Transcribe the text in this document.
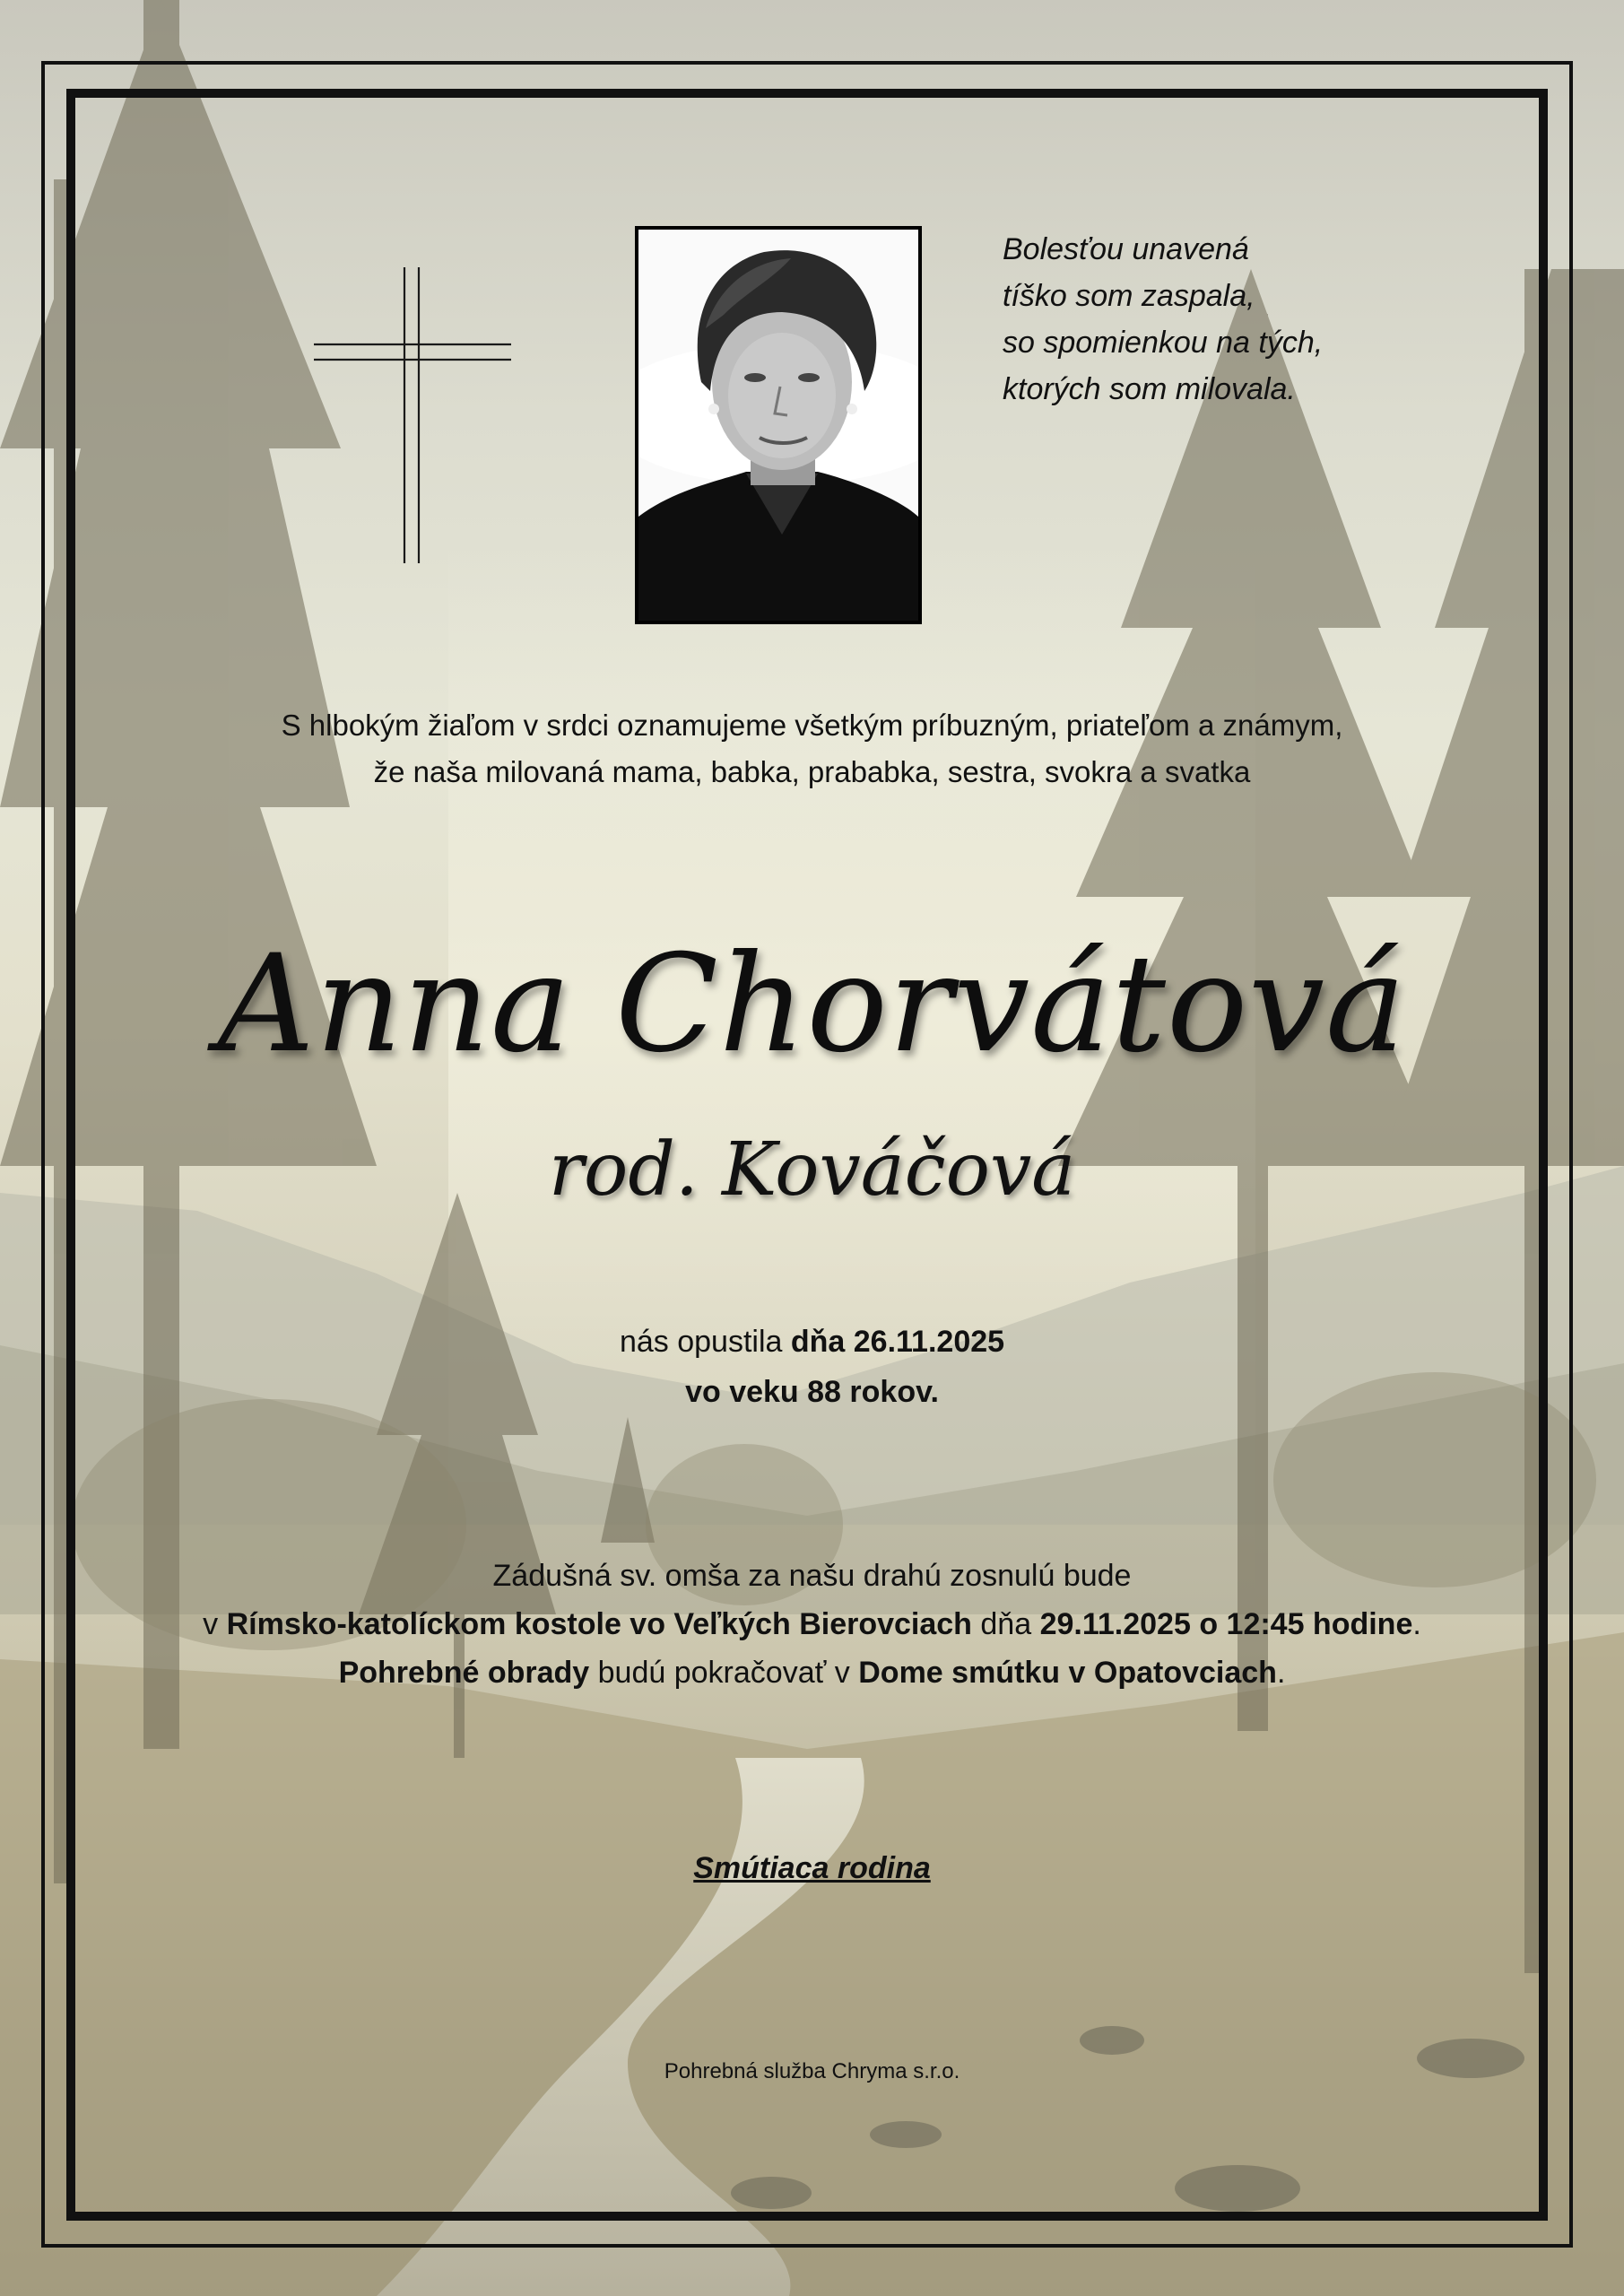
Bolesťou unavená
tíško som zaspala,
so spomienkou na tých,
ktorých som milovala.
S hlbokým žiaľom v srdci oznamujeme všetkým príbuzným, priateľom a známym,
že naša milovaná mama, babka, prababka, sestra, svokra a svatka
Anna Chorvátová
rod. Kováčová
nás opustila dňa 26.11.2025
vo veku 88 rokov.
Zádušná sv. omša za našu drahú zosnulú bude
v Rímsko-katolíckom kostole vo Veľkých Bierovciach dňa 29.11.2025 o 12:45 hodine.
Pohrebné obrady budú pokračovať v Dome smútku v Opatovciach.
Smútiaca rodina
Pohrebná služba Chryma s.r.o.
